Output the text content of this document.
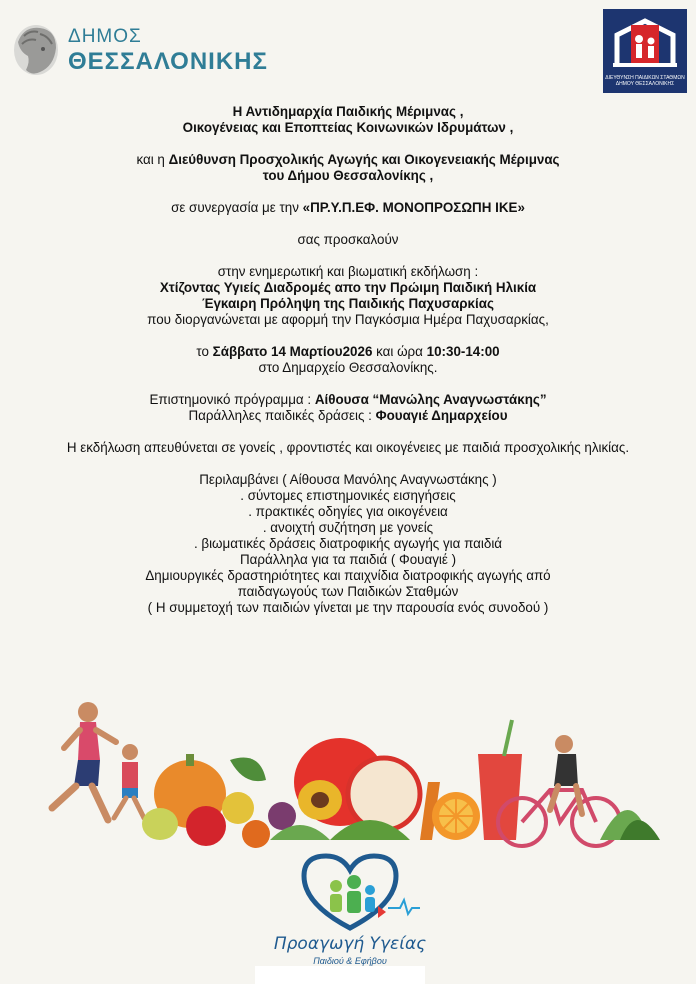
ΔΗΜΟΣ
ΘΕΣΣΑΛΟΝΙΚΗΣ
ΔΙΕΥΘΥΝΣΗ ΠΑΙΔΙΚΩΝ ΣΤΑΘΜΩΝ ΔΗΜΟΥ ΘΕΣΣΑΛΟΝΙΚΗΣ

Η Αντιδημαρχία Παιδικής Μέριμνας ,

Οικογένειας και Εποπτείας Κοινωνικών Ιδρυμάτων ,

και η Διεύθυνση Προσχολικής Αγωγής και Οικογενειακής Μέριμνας

του Δήμου Θεσσαλονίκης ,

σε συνεργασία με την «ΠΡ.Υ.Π.ΕΦ. ΜΟΝΟΠΡΟΣΩΠΗ ΙΚΕ»

σας προσκαλούν

στην ενημερωτική και βιωματική εκδήλωση :

Χτίζοντας Υγιείς Διαδρομές απο την Πρώιμη Παιδική Ηλικία

Έγκαιρη Πρόληψη της Παιδικής Παχυσαρκίας

που διοργανώνεται με αφορμή την Παγκόσμια Ημέρα Παχυσαρκίας,

το Σάββατο 14 Μαρτίου2026 και ώρα 10:30-14:00

στο Δημαρχείο Θεσσαλονίκης.

Επιστημονικό πρόγραμμα : Αίθουσα “Μανώλης Αναγνωστάκης”

Παράλληλες παιδικές δράσεις : Φουαγιέ Δημαρχείου

Η εκδήλωση απευθύνεται σε γονείς , φροντιστές και οικογένειες με παιδιά προσχολικής ηλικίας.

Περιλαμβάνει ( Αίθουσα Μανόλης Αναγνωστάκης )

. σύντομες επιστημονικές εισηγήσεις

. πρακτικές οδηγίες για οικογένεια

. ανοιχτή συζήτηση με γονείς

. βιωματικές δράσεις διατροφικής αγωγής για παιδιά

Παράλληλα για τα παιδιά ( Φουαγιέ )

Δημιουργικές δραστηριότητες και παιχνίδια διατροφικής αγωγής από

παιδαγωγούς των Παιδικών Σταθμών

( Η συμμετοχή των παιδιών γίνεται με την παρουσία ενός συνοδού )

Προαγωγή Υγείας
Παιδιού & Εφήβου
